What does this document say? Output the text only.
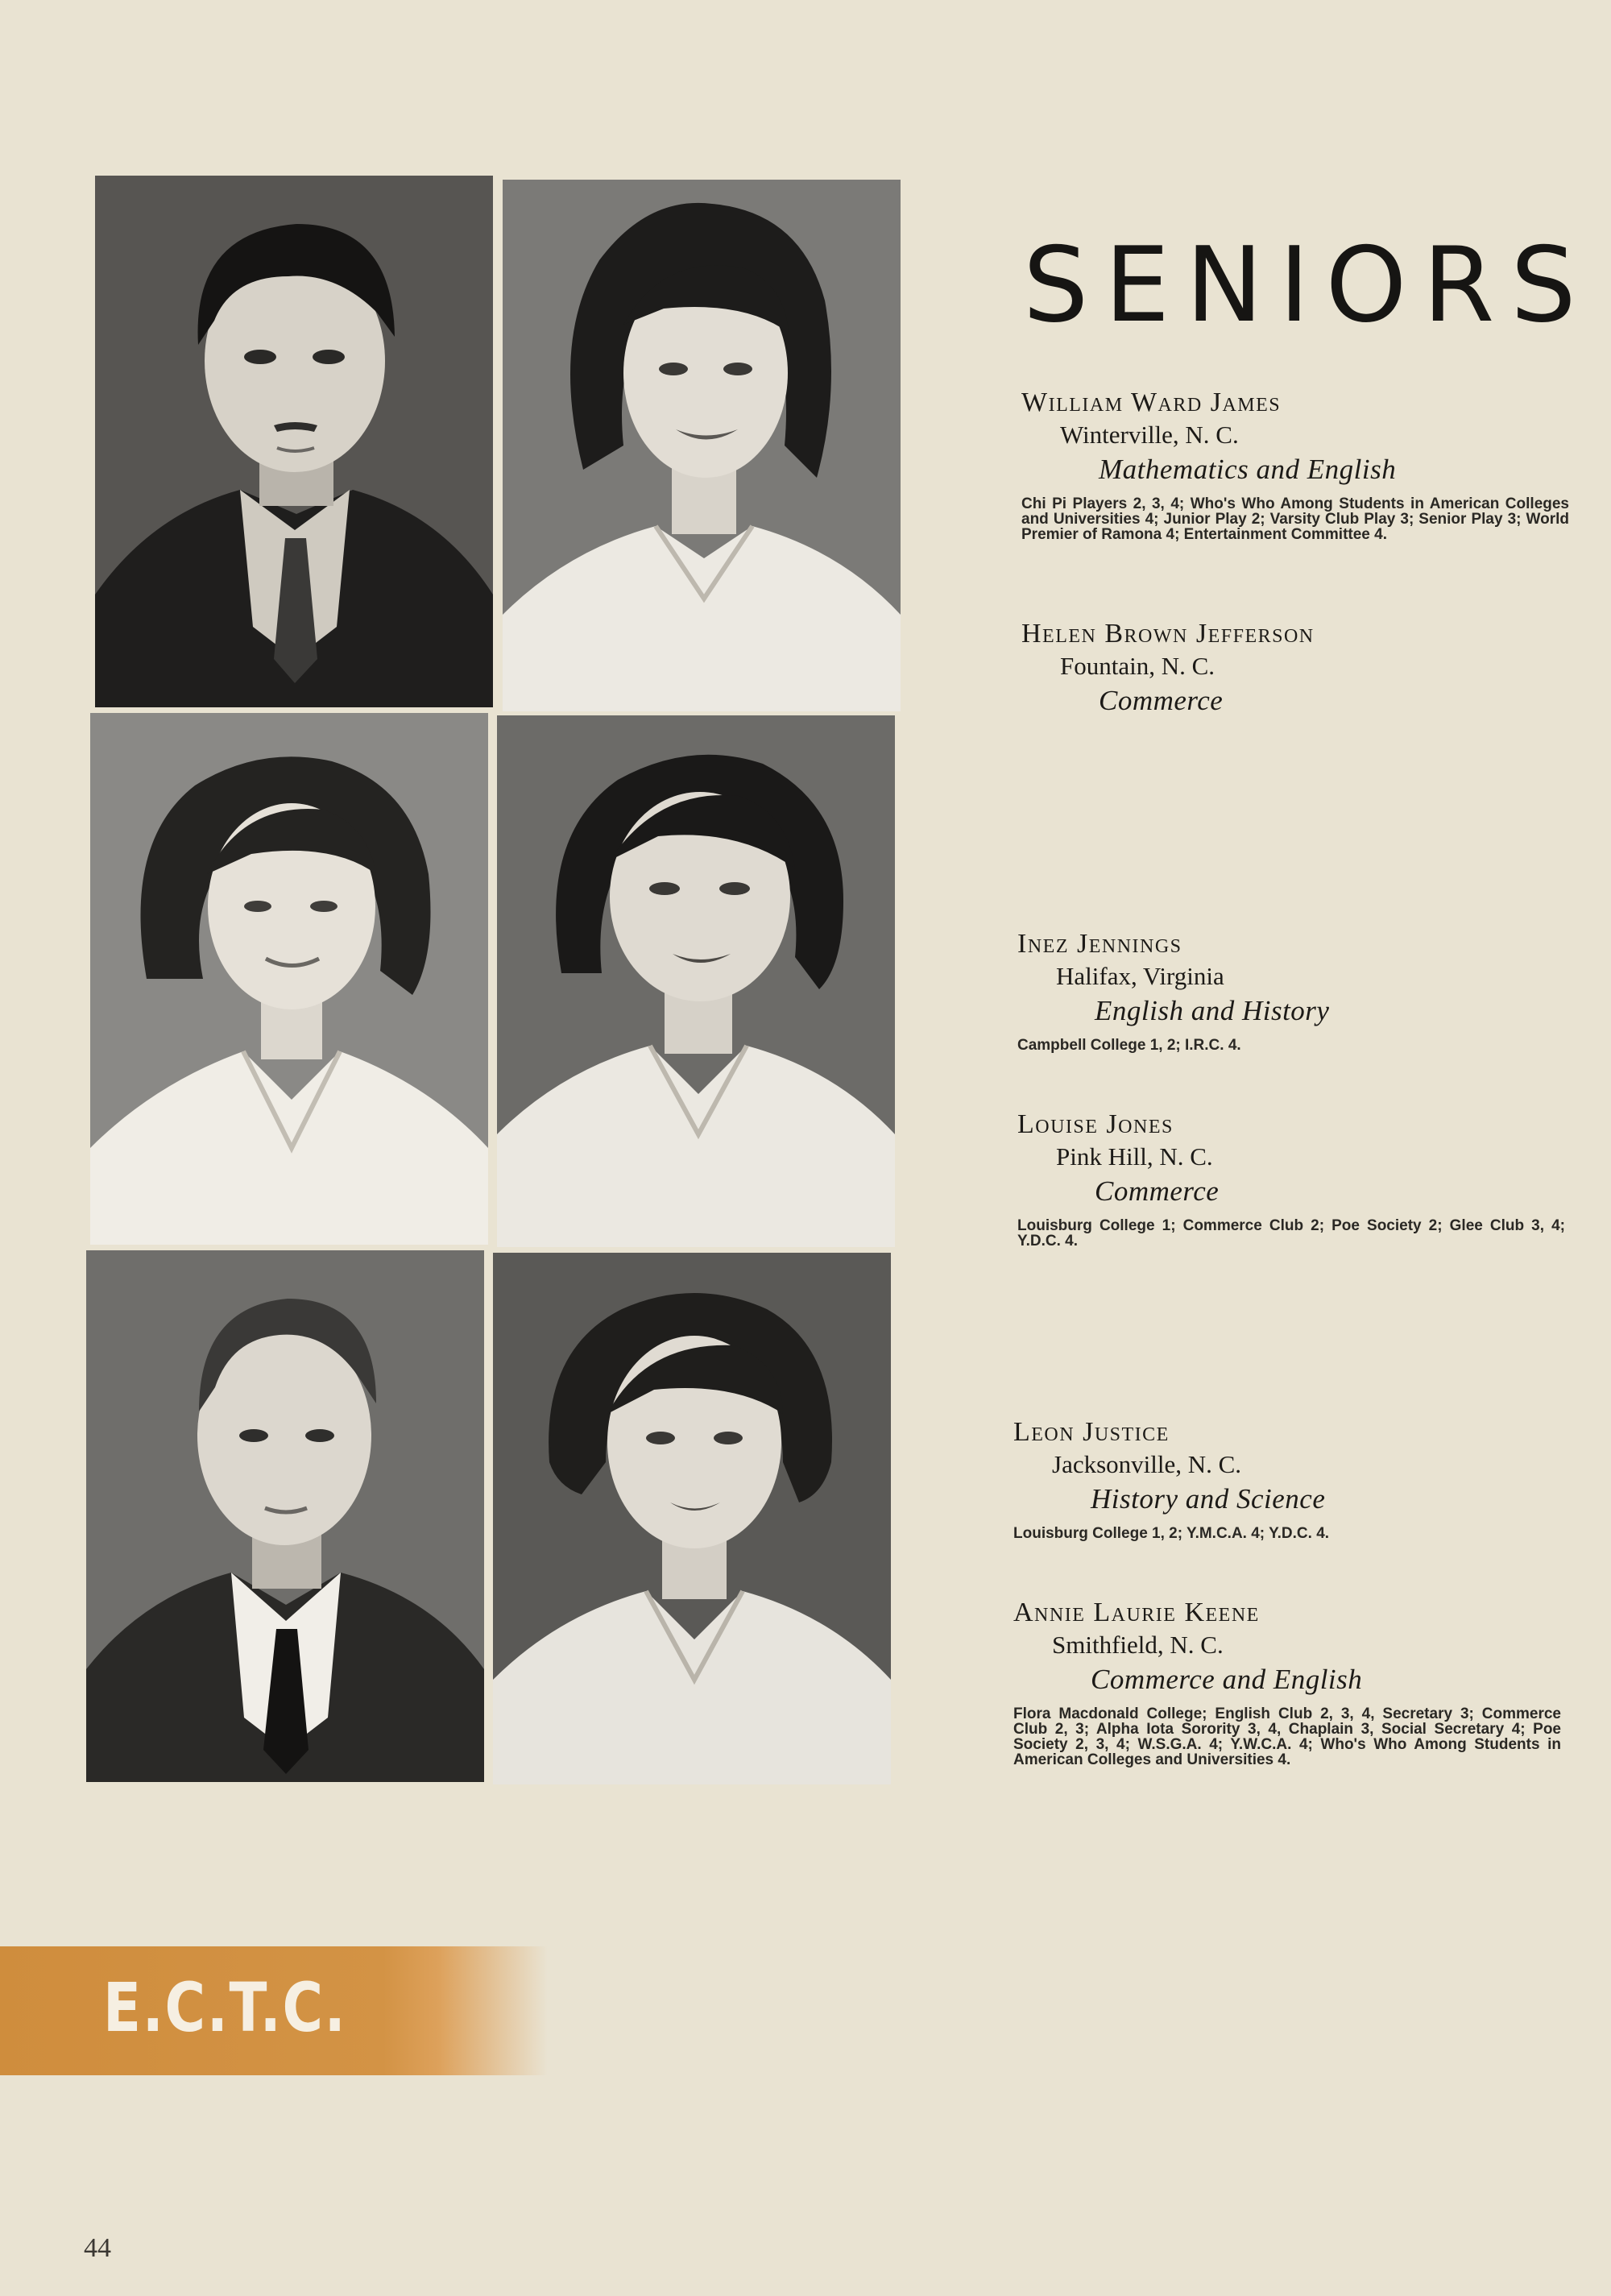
SENIORS
William Ward James
Winterville, N. C.
Mathematics and English
Chi Pi Players 2, 3, 4; Who's Who Among Students in American Colleges and Universities 4; Junior Play 2; Varsity Club Play 3; Senior Play 3; World Premier of Ramona 4; Entertainment Committee 4.
Helen Brown Jefferson
Fountain, N. C.
Commerce
Inez Jennings
Halifax, Virginia
English and History
Campbell College 1, 2; I.R.C. 4.
Louise Jones
Pink Hill, N. C.
Commerce
Louisburg College 1; Commerce Club 2; Poe Society 2; Glee Club 3, 4; Y.D.C. 4.
Leon Justice
Jacksonville, N. C.
History and Science
Louisburg College 1, 2; Y.M.C.A. 4; Y.D.C. 4.
Annie Laurie Keene
Smithfield, N. C.
Commerce and English
Flora Macdonald College; English Club 2, 3, 4, Secretary 3; Commerce Club 2, 3; Alpha Iota Sorority 3, 4, Chaplain 3, Social Secretary 4; Poe Society 2, 3, 4; W.S.G.A. 4; Y.W.C.A. 4; Who's Who Among Students in American Colleges and Universities 4.
E.C.T.C.
44
